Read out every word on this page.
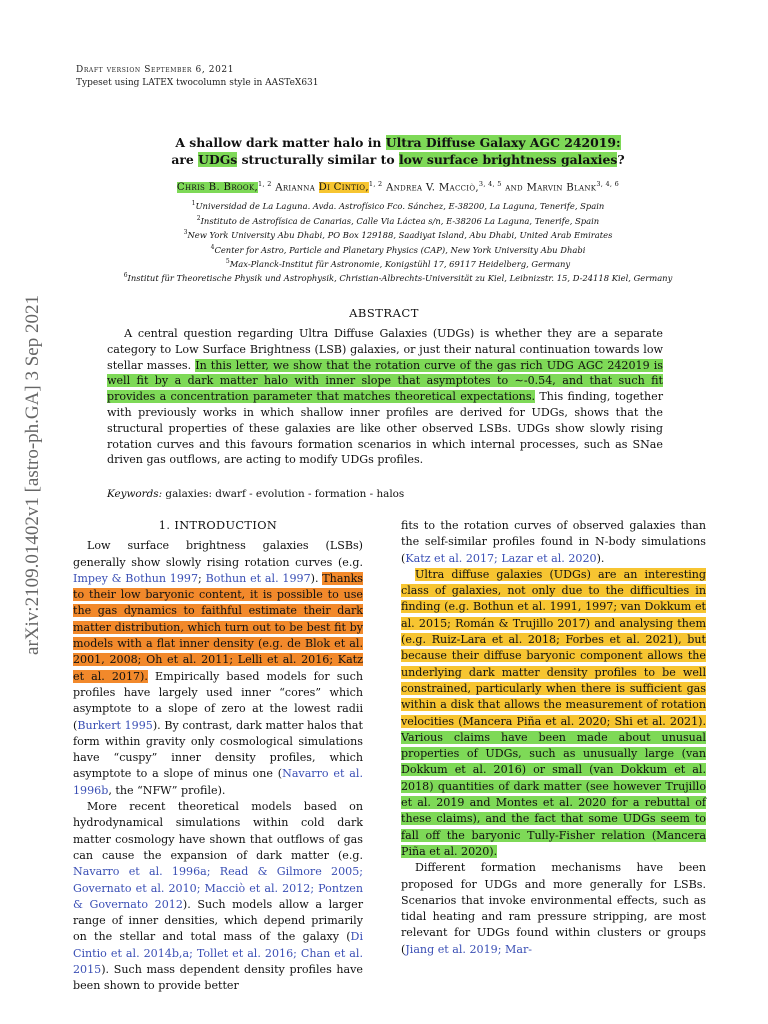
arXiv:2109.01402v1 [astro-ph.GA] 3 Sep 2021
Draft version September 6, 2021
Typeset using LATEX twocolumn style in AASTeX631
A shallow dark matter halo in Ultra Diffuse Galaxy AGC 242019:
are UDGs structurally similar to low surface brightness galaxies?
Chris B. Brook,$^{1, 2}$ Arianna Di Cintio,$^{1, 2}$ Andrea V. Macciò,$^{3, 4, 5}$ and Marvin Blank$^{3, 4, 6}$
$^1$Universidad de La Laguna. Avda. Astrofísico Fco. Sánchez, E-38200, La Laguna, Tenerife, Spain
$^2$Instituto de Astrofísica de Canarias, Calle Via Láctea s/n, E-38206 La Laguna, Tenerife, Spain
$^3$New York University Abu Dhabi, PO Box 129188, Saadiyat Island, Abu Dhabi, United Arab Emirates
$^4$Center for Astro, Particle and Planetary Physics (CAP), New York University Abu Dhabi
$^5$Max-Planck-Institut für Astronomie, Konigstühl 17, 69117 Heidelberg, Germany
$^6$Institut für Theoretische Physik und Astrophysik, Christian-Albrechts-Universität zu Kiel, Leibnizstr. 15, D-24118 Kiel, Germany
ABSTRACT
A central question regarding Ultra Diffuse Galaxies (UDGs) is whether they are a separate category to Low Surface Brightness (LSB) galaxies, or just their natural continuation towards low stellar masses. In this letter, we show that the rotation curve of the gas rich UDG AGC 242019 is well fit by a dark matter halo with inner slope that asymptotes to ∼-0.54, and that such fit provides a concentration parameter that matches theoretical expectations. This finding, together with previously works in which shallow inner profiles are derived for UDGs, shows that the structural properties of these galaxies are like other observed LSBs. UDGs show slowly rising rotation curves and this favours formation scenarios in which internal processes, such as SNae driven gas outflows, are acting to modify UDGs profiles.
Keywords: galaxies: dwarf - evolution - formation - halos
1. INTRODUCTION

Low surface brightness galaxies (LSBs) generally show slowly rising rotation curves (e.g. Impey & Bothun 1997; Bothun et al. 1997). Thanks to their low baryonic content, it is possible to use the gas dynamics to faithful estimate their dark matter distribution, which turn out to be best fit by models with a flat inner density (e.g. de Blok et al. 2001, 2008; Oh et al. 2011; Lelli et al. 2016; Katz et al. 2017). Empirically based models for such profiles have largely used inner “cores” which asymptote to a slope of zero at the lowest radii (Burkert 1995). By contrast, dark matter halos that form within gravity only cosmological simulations have “cuspy” inner density profiles, which asymptote to a slope of minus one (Navarro et al. 1996b, the “NFW” profile).

More recent theoretical models based on hydrodynamical simulations within cold dark matter cosmology have shown that outflows of gas can cause the expansion of dark matter (e.g. Navarro et al. 1996a; Read & Gilmore 2005; Governato et al. 2010; Macciò et al. 2012; Pontzen & Governato 2012). Such models allow a larger range of inner densities, which depend primarily on the stellar and total mass of the galaxy (Di Cintio et al. 2014b,a; Tollet et al. 2016; Chan et al. 2015). Such mass dependent density profiles have been shown to provide better

fits to the rotation curves of observed galaxies than the self-similar profiles found in N-body simulations (Katz et al. 2017; Lazar et al. 2020).

Ultra diffuse galaxies (UDGs) are an interesting class of galaxies, not only due to the difficulties in finding (e.g. Bothun et al. 1991, 1997; van Dokkum et al. 2015; Román & Trujillo 2017) and analysing them (e.g. Ruiz-Lara et al. 2018; Forbes et al. 2021), but because their diffuse baryonic component allows the underlying dark matter density profiles to be well constrained, particularly when there is sufficient gas within a disk that allows the measurement of rotation velocities (Mancera Piña et al. 2020; Shi et al. 2021). Various claims have been made about unusual properties of UDGs, such as unusually large (van Dokkum et al. 2016) or small (van Dokkum et al. 2018) quantities of dark matter (see however Trujillo et al. 2019 and Montes et al. 2020 for a rebuttal of these claims), and the fact that some UDGs seem to fall off the baryonic Tully-Fisher relation (Mancera Piña et al. 2020).

Different formation mechanisms have been proposed for UDGs and more generally for LSBs. Scenarios that invoke environmental effects, such as tidal heating and ram pressure stripping, are most relevant for UDGs found within clusters or groups (Jiang et al. 2019; Mar-
